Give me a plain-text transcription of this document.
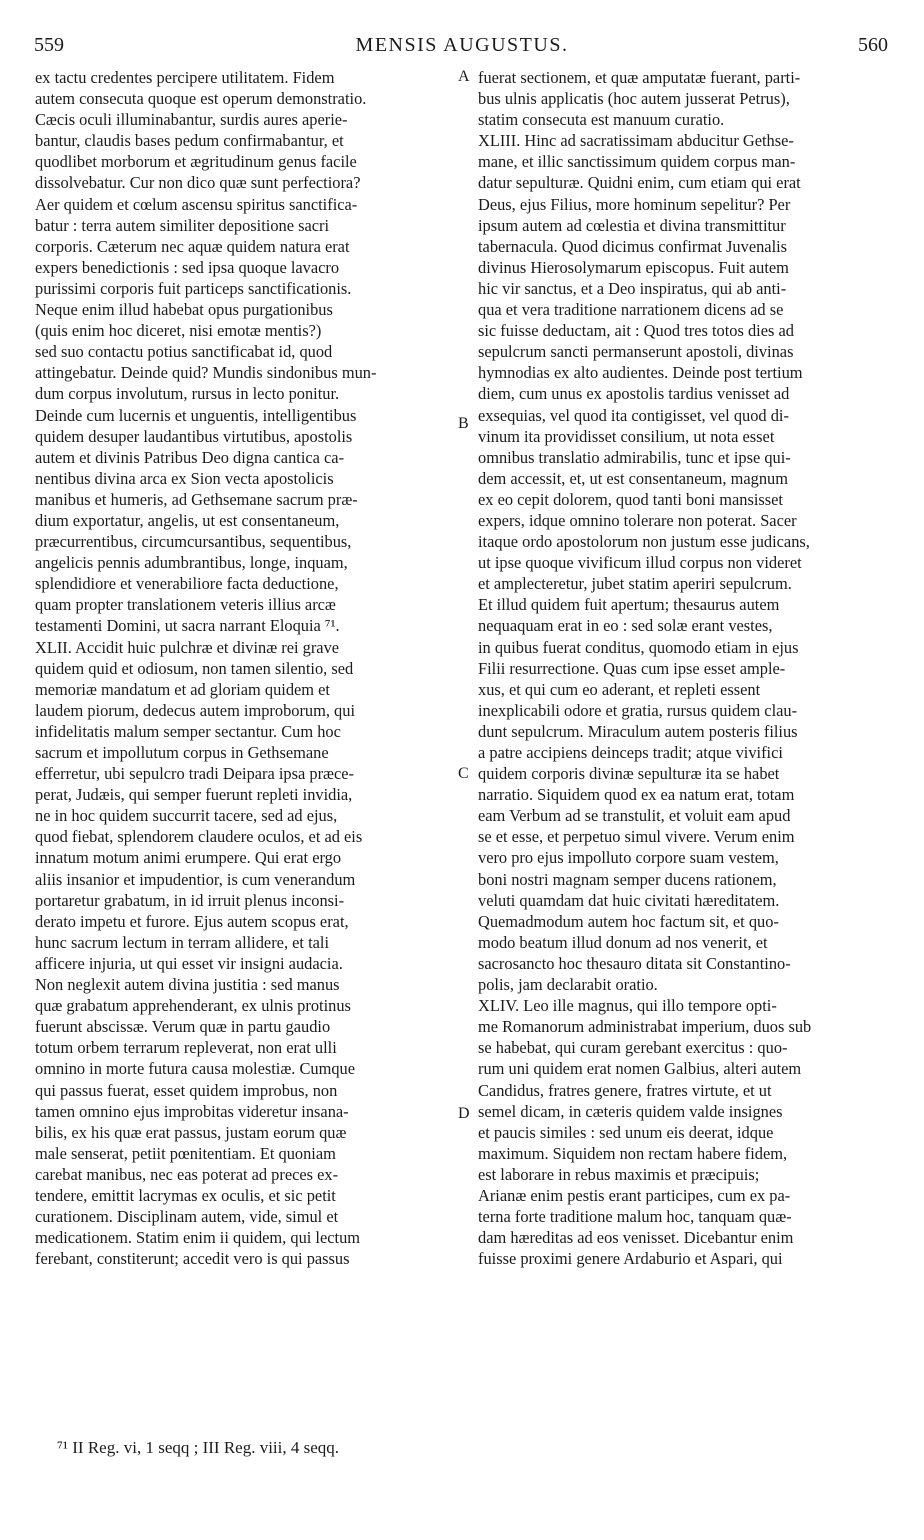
559	MENSIS AUGUSTUS.	560
ex tactu credentes percipere utilitatem. Fidem
autem consecuta quoque est operum demonstratio.
Cæcis oculi illuminabantur, surdis aures aperie-
bantur, claudis bases pedum confirmabantur, et
quodlibet morborum et ægritudinum genus facile
dissolvebatur. Cur non dico quæ sunt perfectiora?
Aer quidem et cœlum ascensu spiritus sanctifica-
batur : terra autem similiter depositione sacri
corporis. Cæterum nec aquæ quidem natura erat
expers benedictionis : sed ipsa quoque lavacro
purissimi corporis fuit particeps sanctificationis.
Neque enim illud habebat opus purgationibus
(quis enim hoc diceret, nisi emotæ mentis?)
sed suo contactu potius sanctificabat id, quod
attingebatur. Deinde quid? Mundis sindonibus mun-
dum corpus involutum, rursus in lecto ponitur.
Deinde cum lucernis et unguentis, intelligentibus
quidem desuper laudantibus virtutibus, apostolis
autem et divinis Patribus Deo digna cantica ca-
nentibus divina arca ex Sion vecta apostolicis
manibus et humeris, ad Gethsemane sacrum præ-
dium exportatur, angelis, ut est consentaneum,
præcurrentibus, circumcursantibus, sequentibus,
angelicis pennis adumbrantibus, longe, inquam,
splendidiore et venerabiliore facta deductione,
quam propter translationem veteris illius arcæ
testamenti Domini, ut sacra narrant Eloquia ⁷¹.
XLII. Accidit huic pulchræ et divinæ rei grave
quidem quid et odiosum, non tamen silentio, sed
memoriæ mandatum et ad gloriam quidem et
laudem piorum, dedecus autem improborum, qui
infidelitatis malum semper sectantur. Cum hoc
sacrum et impollutum corpus in Gethsemane
efferretur, ubi sepulcro tradi Deipara ipsa præce-
perat, Judæis, qui semper fuerunt repleti invidia,
ne in hoc quidem succurrit tacere, sed ad ejus,
quod fiebat, splendorem claudere oculos, et ad eis
innatum motum animi erumpere. Qui erat ergo
aliis insanior et impudentior, is cum venerandum
portaretur grabatum, in id irruit plenus inconsi-
derato impetu et furore. Ejus autem scopus erat,
hunc sacrum lectum in terram allidere, et tali
afficere injuria, ut qui esset vir insigni audacia.
Non neglexit autem divina justitia : sed manus
quæ grabatum apprehenderant, ex ulnis protinus
fuerunt abscissæ. Verum quæ in partu gaudio
totum orbem terrarum repleverat, non erat ulli
omnino in morte futura causa molestiæ. Cumque
qui passus fuerat, esset quidem improbus, non
tamen omnino ejus improbitas videretur insana-
bilis, ex his quæ erat passus, justam eorum quæ
male senserat, petiit pœnitentiam. Et quoniam
carebat manibus, nec eas poterat ad preces ex-
tendere, emittit lacrymas ex oculis, et sic petit
curationem. Disciplinam autem, vide, simul et
medicationem. Statim enim ii quidem, qui lectum
ferebant, constiterunt; accedit vero is qui passus
fuerat sectionem, et quæ amputatæ fuerant, parti-
bus ulnis applicatis (hoc autem jusserat Petrus),
statim consecuta est manuum curatio.
XLIII. Hinc ad sacratissimam abducitur Gethse-
mane, et illic sanctissimum quidem corpus man-
datur sepulturæ. Quidni enim, cum etiam qui erat
Deus, ejus Filius, more hominum sepelitur? Per
ipsum autem ad cœlestia et divina transmittitur
tabernacula. Quod dicimus confirmat Juvenalis
divinus Hierosolymarum episcopus. Fuit autem
hic vir sanctus, et a Deo inspiratus, qui ab anti-
qua et vera traditione narrationem dicens ad se
sic fuisse deductam, ait : Quod tres totos dies ad
sepulcrum sancti permanserunt apostoli, divinas
hymnodias ex alto audientes. Deinde post tertium
diem, cum unus ex apostolis tardius venisset ad
exsequias, vel quod ita contigisset, vel quod di-
vinum ita providisset consilium, ut nota esset
omnibus translatio admirabilis, tunc et ipse qui-
dem accessit, et, ut est consentaneum, magnum
ex eo cepit dolorem, quod tanti boni mansisset
expers, idque omnino tolerare non poterat. Sacer
itaque ordo apostolorum non justum esse judicans,
ut ipse quoque vivificum illud corpus non videret
et amplecteretur, jubet statim aperiri sepulcrum.
Et illud quidem fuit apertum; thesaurus autem
nequaquam erat in eo : sed solæ erant vestes,
in quibus fuerat conditus, quomodo etiam in ejus
Filii resurrectione. Quas cum ipse esset ample-
xus, et qui cum eo aderant, et repleti essent
inexplicabili odore et gratia, rursus quidem clau-
dunt sepulcrum. Miraculum autem posteris filius
a patre accipiens deinceps tradit; atque vivifici
quidem corporis divinæ sepulturæ ita se habet
narratio. Siquidem quod ex ea natum erat, totam
eam Verbum ad se transtulit, et voluit eam apud
se et esse, et perpetuo simul vivere. Verum enim
vero pro ejus impolluto corpore suam vestem,
boni nostri magnam semper ducens rationem,
veluti quamdam dat huic civitati hæreditatem.
Quemadmodum autem hoc factum sit, et quo-
modo beatum illud donum ad nos venerit, et
sacrosancto hoc thesauro ditata sit Constantino-
polis, jam declarabit oratio.
XLIV. Leo ille magnus, qui illo tempore opti-
me Romanorum administrabat imperium, duos sub
se habebat, qui curam gerebant exercitus : quo-
rum uni quidem erat nomen Galbius, alteri autem
Candidus, fratres genere, fratres virtute, et ut
semel dicam, in cæteris quidem valde insignes
et paucis similes : sed unum eis deerat, idque
maximum. Siquidem non rectam habere fidem,
est laborare in rebus maximis et præcipuis;
Arianæ enim pestis erant participes, cum ex pa-
terna forte traditione malum hoc, tanquam quæ-
dam hæreditas ad eos venisset. Dicebantur enim
fuisse proximi genere Ardaburio et Aspari, qui
A
B
C
D
⁷¹ II Reg. vi, 1 seqq ; III Reg. viii, 4 seqq.
